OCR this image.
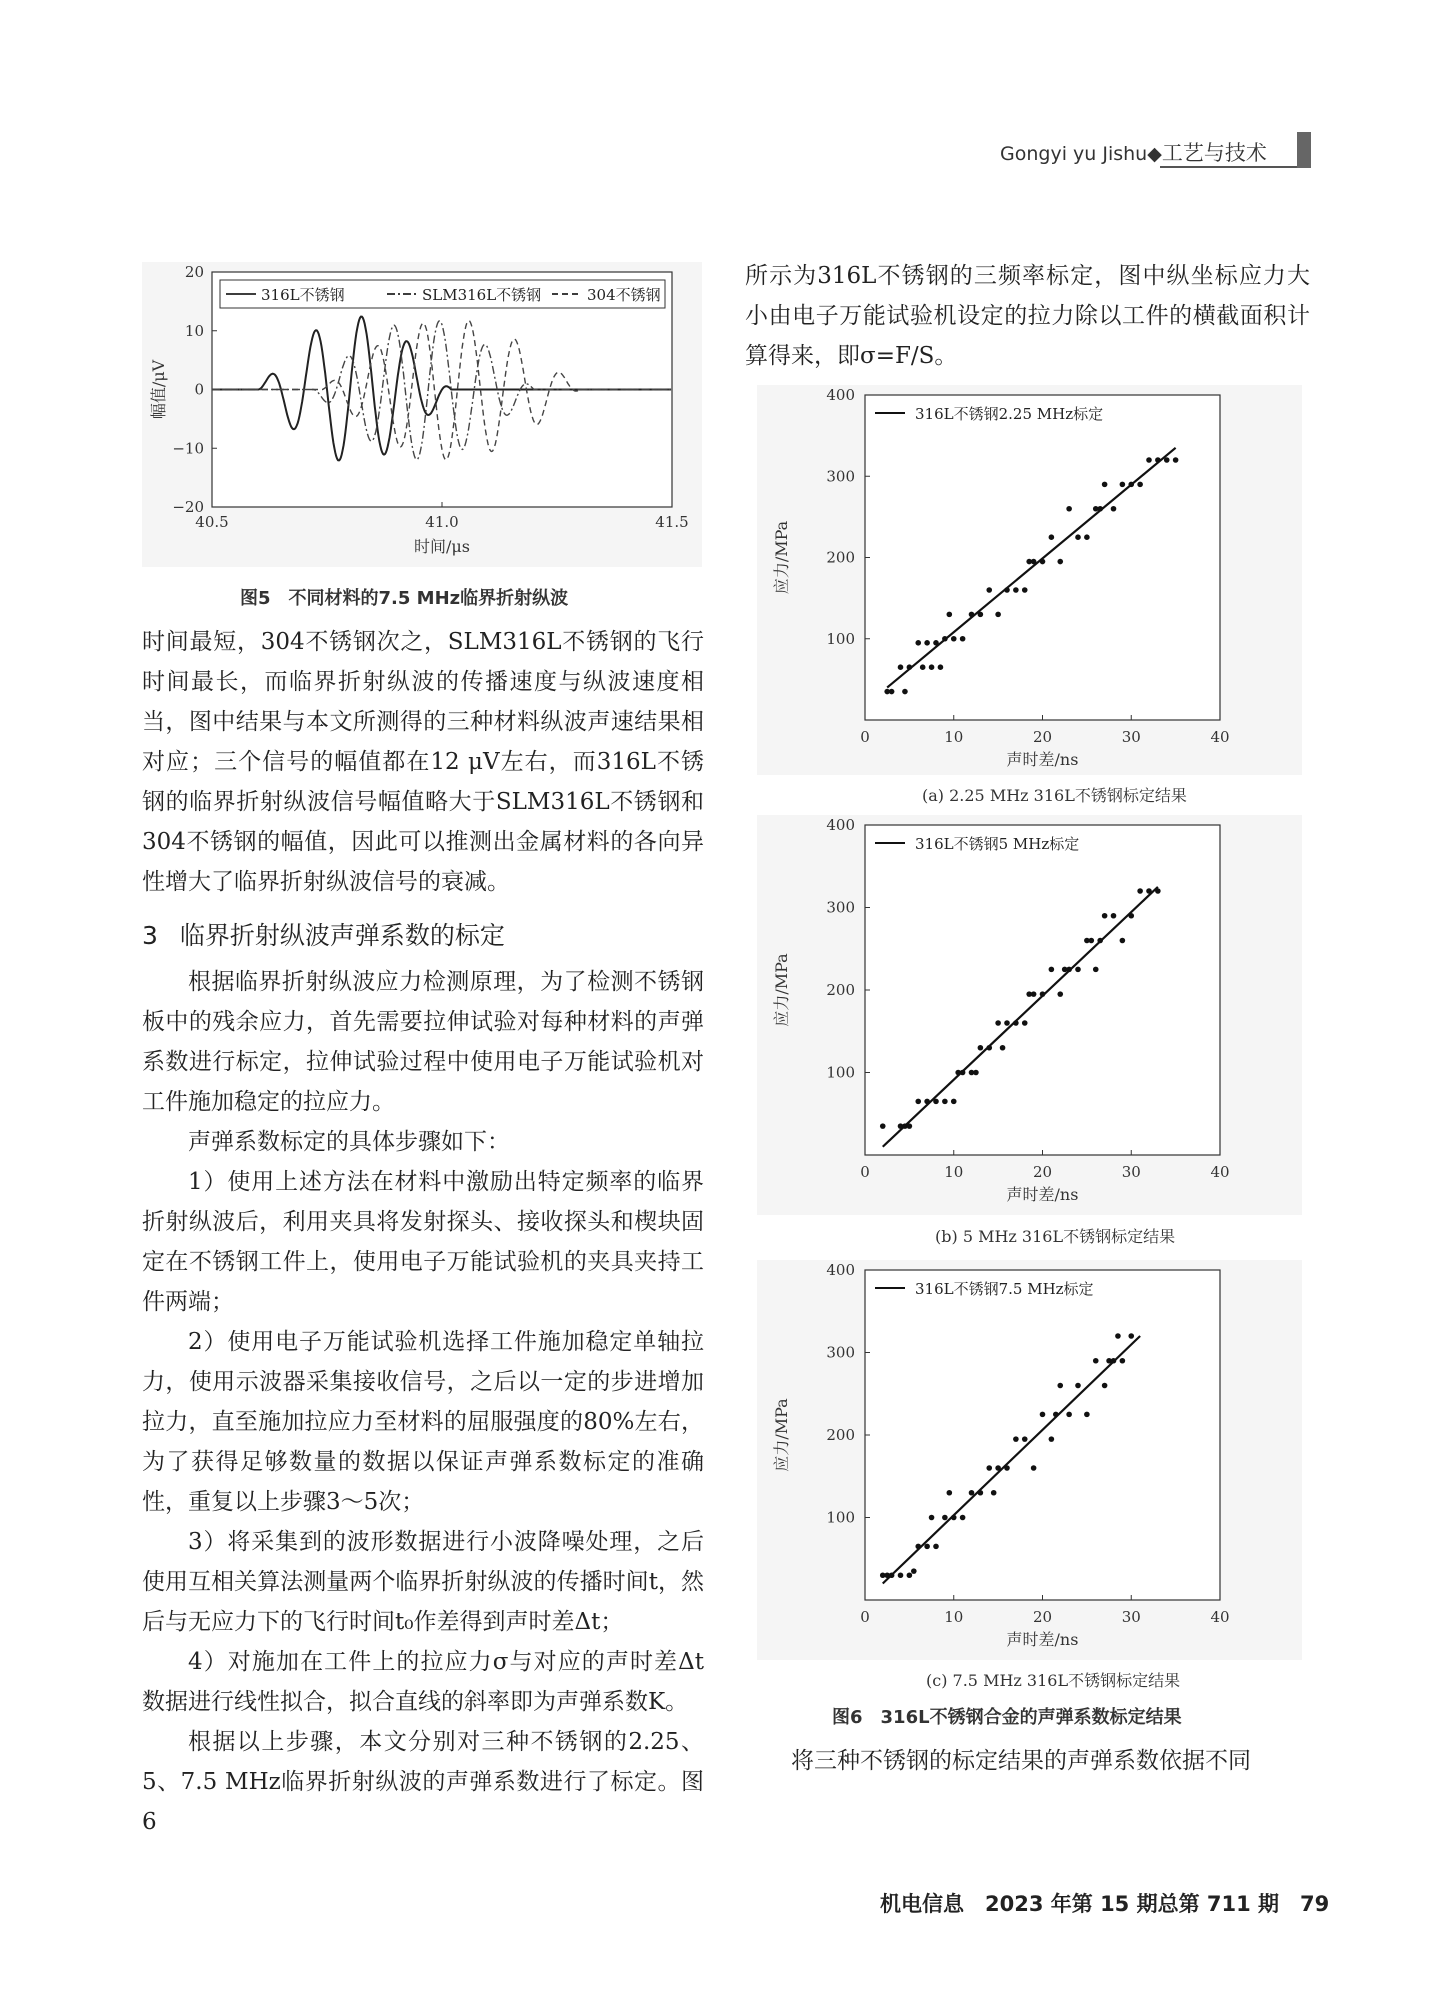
Gongyi yu Jishu◆工艺与技术
20
10
0
−10
−20
40.5	41.0	41.5
时间/μs
幅值/μV
316L不锈钢	SLM316L不锈钢	304不锈钢
图5　不同材料的7.5 MHz临界折射纵波

时间最短，304不锈钢次之，SLM316L不锈钢的飞行时间最长，而临界折射纵波的传播速度与纵波速度相当，图中结果与本文所测得的三种材料纵波声速结果相对应；三个信号的幅值都在12 μV左右，而316L不锈钢的临界折射纵波信号幅值略大于SLM316L不锈钢和304不锈钢的幅值，因此可以推测出金属材料的各向异性增大了临界折射纵波信号的衰减。

3 临界折射纵波声弹系数的标定

根据临界折射纵波应力检测原理，为了检测不锈钢板中的残余应力，首先需要拉伸试验对每种材料的声弹系数进行标定，拉伸试验过程中使用电子万能试验机对工件施加稳定的拉应力。

声弹系数标定的具体步骤如下：

1）使用上述方法在材料中激励出特定频率的临界折射纵波后，利用夹具将发射探头、接收探头和楔块固定在不锈钢工件上，使用电子万能试验机的夹具夹持工件两端；

2）使用电子万能试验机选择工件施加稳定单轴拉力，使用示波器采集接收信号，之后以一定的步进增加拉力，直至施加拉应力至材料的屈服强度的80%左右，为了获得足够数量的数据以保证声弹系数标定的准确性，重复以上步骤3～5次；

3）将采集到的波形数据进行小波降噪处理，之后使用互相关算法测量两个临界折射纵波的传播时间t，然后与无应力下的飞行时间t₀作差得到声时差Δt；

4）对施加在工件上的拉应力σ与对应的声时差Δt数据进行线性拟合，拟合直线的斜率即为声弹系数K。

根据以上步骤，本文分别对三种不锈钢的2.25、5、7.5 MHz临界折射纵波的声弹系数进行了标定。图6

所示为316L不锈钢的三频率标定，图中纵坐标应力大小由电子万能试验机设定的拉力除以工件的横截面积计算得来，即σ=F/S。

400
300
200
100
0	10	20	30	40
声时差/ns
应力/MPa
316L不锈钢2.25 MHz标定
(a) 2.25 MHz 316L不锈钢标定结果
400
300
200
100
0	10	20	30	40
声时差/ns
应力/MPa
316L不锈钢5 MHz标定
(b) 5 MHz 316L不锈钢标定结果
400
300
200
100
0	10	20	30	40
声时差/ns
应力/MPa
316L不锈钢7.5 MHz标定
(c) 7.5 MHz 316L不锈钢标定结果
图6　316L不锈钢合金的声弹系数标定结果

将三种不锈钢的标定结果的声弹系数依据不同

机电信息　2023 年第 15 期总第 711 期　79
